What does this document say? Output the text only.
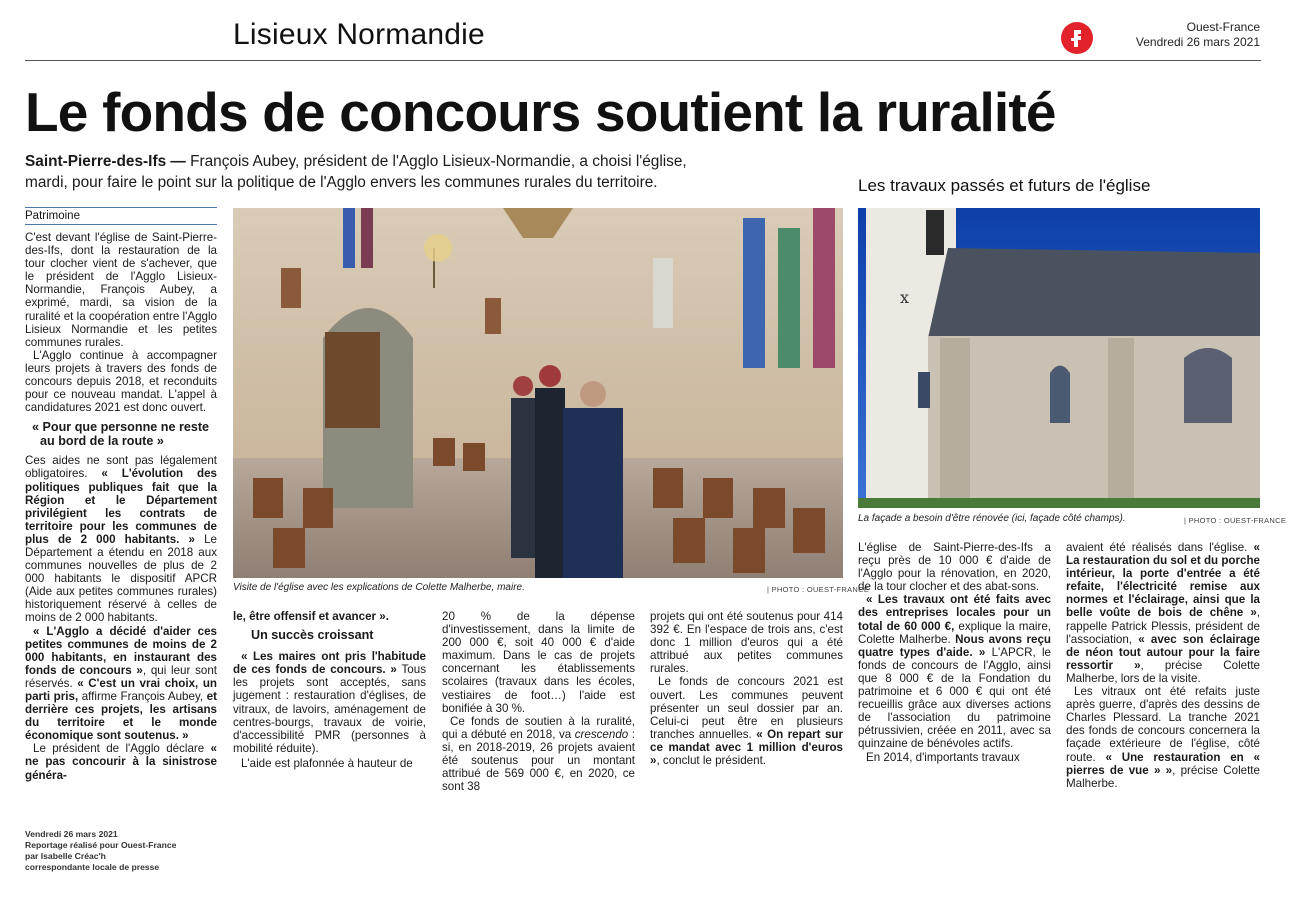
Lisieux Normandie	Ouest-France
Vendredi 26 mars 2021
Le fonds de concours soutient la ruralité
Saint-Pierre-des-Ifs — François Aubey, président de l'Agglo Lisieux-Normandie, a choisi l'église, mardi, pour faire le point sur la politique de l'Agglo envers les communes rurales du territoire.	Les travaux passés et futurs de l'église
Patrimoine

C'est devant l'église de Saint-Pierre-des-Ifs, dont la restauration de la tour clocher vient de s'achever, que le président de l'Agglo Lisieux-Normandie, François Aubey, a exprimé, mardi, sa vision de la ruralité et la coopération entre l'Agglo Lisieux Normandie et les petites communes rurales.

L'Agglo continue à accompagner leurs projets à travers des fonds de concours depuis 2018, et reconduits pour ce nouveau mandat. L'appel à candidatures 2021 est donc ouvert.

« Pour que personne ne reste au bord de la route »

Ces aides ne sont pas légalement obligatoires. « L'évolution des politiques publiques fait que la Région et le Département privilégient les contrats de territoire pour les communes de plus de 2 000 habitants. » Le Département a étendu en 2018 aux communes nouvelles de plus de 2 000 habitants le dispositif APCR (Aide aux petites communes rurales) historiquement réservé à celles de moins de 2 000 habitants.

« L'Agglo a décidé d'aider ces petites communes de moins de 2 000 habitants, en instaurant des fonds de concours », qui leur sont réservés. « C'est un vrai choix, un parti pris, affirme François Aubey, et derrière ces projets, les artisans du territoire et le monde économique sont soutenus. »

Le président de l'Agglo déclare « ne pas concourir à la sinistrose généra-

Visite de l'église avec les explications de Colette Malherbe, maire.	| PHOTO : OUEST-FRANCE

le, être offensif et avancer ».

Un succès croissant

« Les maires ont pris l'habitude de ces fonds de concours. » Tous les projets sont acceptés, sans jugement : restauration d'églises, de vitraux, de lavoirs, aménagement de centres-bourgs, travaux de voirie, d'accessibilité PMR (personnes à mobilité réduite).

L'aide est plafonnée à hauteur de

20 % de la dépense d'investissement, dans la limite de 200 000 €, soit 40 000 € d'aide maximum. Dans le cas de projets concernant les établissements scolaires (travaux dans les écoles, vestiaires de foot…) l'aide est bonifiée à 30 %.

Ce fonds de soutien à la ruralité, qui a débuté en 2018, va crescendo : si, en 2018-2019, 26 projets avaient été soutenus pour un montant attribué de 569 000 €, en 2020, ce sont 38

projets qui ont été soutenus pour 414 392 €. En l'espace de trois ans, c'est donc 1 million d'euros qui a été attribué aux petites communes rurales.

Le fonds de concours 2021 est ouvert. Les communes peuvent présenter un seul dossier par an. Celui-ci peut être en plusieurs tranches annuelles. « On repart sur ce mandat avec 1 million d'euros », conclut le président.

x
La façade a besoin d'être rénovée (ici, façade côté champs).	| PHOTO : OUEST-FRANCE

L'église de Saint-Pierre-des-Ifs a reçu près de 10 000 € d'aide de l'Agglo pour la rénovation, en 2020, de la tour clocher et des abat-sons.

« Les travaux ont été faits avec des entreprises locales pour un total de 60 000 €, explique la maire, Colette Malherbe. Nous avons reçu quatre types d'aide. » L'APCR, le fonds de concours de l'Agglo, ainsi que 8 000 € de la Fondation du patrimoine et 6 000 € qui ont été recueillis grâce aux diverses actions de l'association du patrimoine pétrussivien, créée en 2011, avec sa quinzaine de bénévoles actifs.

En 2014, d'importants travaux

avaient été réalisés dans l'église. « La restauration du sol et du porche intérieur, la porte d'entrée a été refaite, l'électricité remise aux normes et l'éclairage, ainsi que la belle voûte de bois de chêne », rappelle Patrick Plessis, président de l'association, « avec son éclairage de néon tout autour pour la faire ressortir », précise Colette Malherbe, lors de la visite.

Les vitraux ont été refaits juste après guerre, d'après des dessins de Charles Plessard. La tranche 2021 des fonds de concours concernera la façade extérieure de l'église, côté route. « Une restauration en « pierres de vue » », précise Colette Malherbe.

Vendredi 26 mars 2021
Reportage réalisé pour Ouest-France
par Isabelle Créac'h
correspondante locale de presse
